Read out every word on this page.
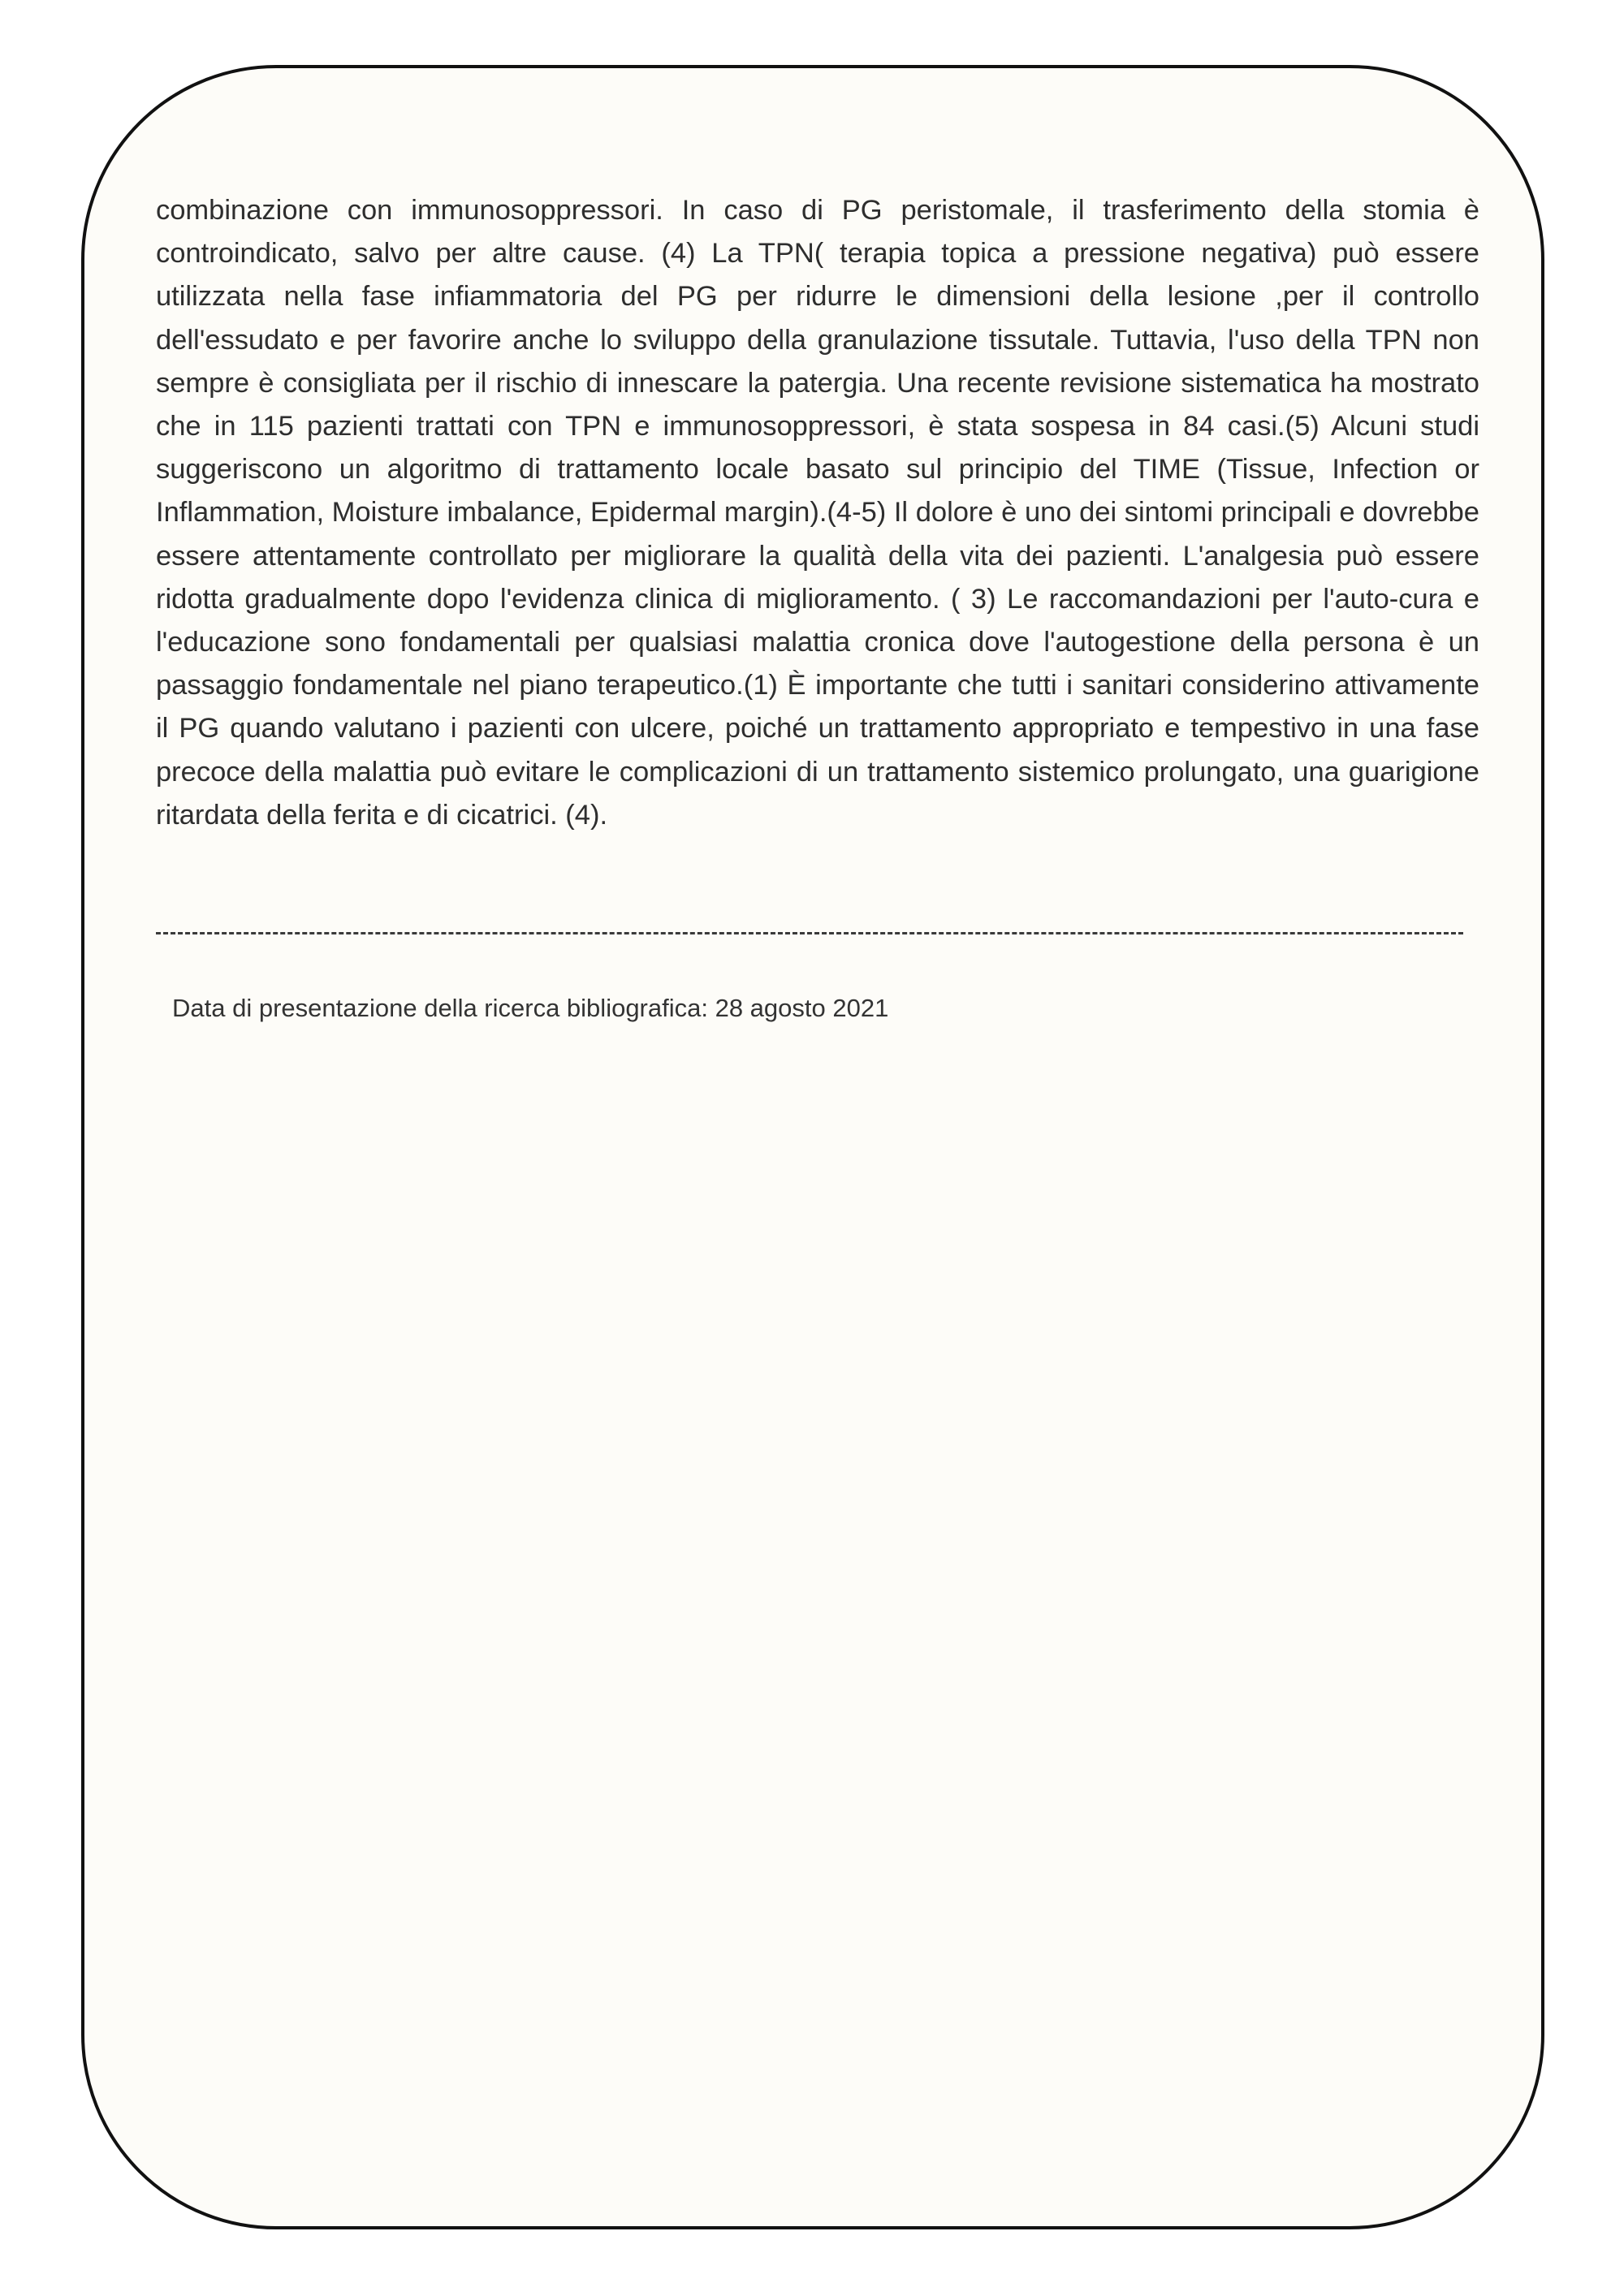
combinazione con immunosoppressori. In caso di PG peristomale, il trasferimento della stomia è controindicato, salvo per altre cause. (4) La TPN( terapia topica a pressione negativa) può essere utilizzata nella fase infiammatoria del PG per ridurre le dimensioni della lesione ,per il controllo dell'essudato e per favorire anche lo sviluppo della granulazione tissutale. Tuttavia, l'uso della TPN non sempre è consigliata per il rischio di innescare la patergia. Una recente revisione sistematica ha mostrato che in 115 pazienti trattati con TPN e immunosoppressori, è stata sospesa in 84 casi.(5) Alcuni studi suggeriscono un algoritmo di trattamento locale basato sul principio del TIME (Tissue, Infection or Inflammation, Moisture imbalance, Epidermal margin).(4-5) Il dolore è uno dei sintomi principali e dovrebbe essere attentamente controllato per migliorare la qualità della vita dei pazienti. L'analgesia può essere ridotta gradualmente dopo l'evidenza clinica di miglioramento. ( 3) Le raccomandazioni per l'auto-cura e l'educazione sono fondamentali per qualsiasi malattia cronica dove l'autogestione della persona è un passaggio fondamentale nel piano terapeutico.(1) È importante che tutti i sanitari considerino attivamente il PG quando valutano i pazienti con ulcere, poiché un trattamento appropriato e tempestivo in una fase precoce della malattia può evitare le complicazioni di un trattamento sistemico prolungato, una guarigione ritardata della ferita e di cicatrici. (4).

Data di presentazione della ricerca bibliografica: 28 agosto 2021
